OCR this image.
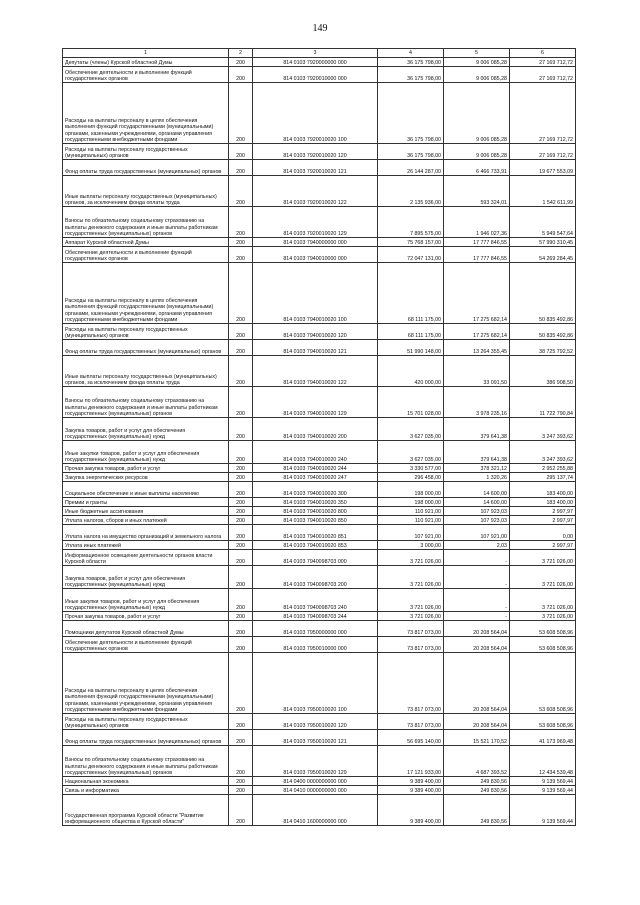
149
1	2	3	4	5	6
Депутаты (члены) Курской областной Думы	200	814 0103 7920000000 000	36 175 798,00	9 006 085,28	27 169 712,72
Обеспечение деятельности и выполнение функций государственных органов	200	814 0103 7920010000 000	36 175 798,00	9 006 085,28	27 169 712,72
Расходы на выплаты персоналу в целях обеспечения выполнения функций государственными (муниципальными) органами, казенными учреждениями, органами управления государственными внебюджетными фондами	200	814 0103 7920010020 100	36 175 798,00	9 006 085,28	27 169 712,72
Расходы на выплаты персоналу государственных (муниципальных) органов	200	814 0103 7920010020 120	36 175 798,00	9 006 085,28	27 169 712,72
Фонд оплаты труда государственных (муниципальных) органов	200	814 0103 7920010020 121	26 144 287,00	6 466 733,91	19 677 553,09
Иные выплаты персоналу государственных (муниципальных) органов, за исключением фонда оплаты труда	200	814 0103 7920010020 122	2 135 936,00	593 324,01	1 542 611,99
Взносы по обязательному социальному страхованию на выплаты денежного содержания и иные выплаты работникам государственных (муниципальных) органов	200	814 0103 7920010020 129	7 895 575,00	1 946 027,36	5 949 547,64
Аппарат Курской областной Думы	200	814 0103 7940000000 000	75 768 157,00	17 777 846,55	57 990 310,45
Обеспечение деятельности и выполнение функций государственных органов	200	814 0103 7940010000 000	72 047 131,00	17 777 846,55	54 269 284,45
Расходы на выплаты персоналу в целях обеспечения выполнения функций государственными (муниципальными) органами, казенными учреждениями, органами управления государственными внебюджетными фондами	200	814 0103 7940010020 100	68 111 175,00	17 275 682,14	50 835 492,86
Расходы на выплаты персоналу государственных (муниципальных) органов	200	814 0103 7940010020 120	68 111 175,00	17 275 682,14	50 835 492,86
Фонд оплаты труда государственных (муниципальных) органов	200	814 0103 7940010020 121	51 990 148,00	13 264 355,45	38 725 792,52
Иные выплаты персоналу государственных (муниципальных) органов, за исключением фонда оплаты труда	200	814 0103 7940010020 122	420 000,00	33 091,50	386 908,50
Взносы по обязательному социальному страхованию на выплаты денежного содержания и иные выплаты работникам государственных (муниципальных) органов	200	814 0103 7940010020 129	15 701 028,00	3 978 235,16	11 722 790,84
Закупка товаров, работ и услуг для обеспечения государственных (муниципальных) нужд	200	814 0103 7940010020 200	3 627 035,00	379 641,38	3 247 393,62
Иные закупки товаров, работ и услуг для обеспечения государственных (муниципальных) нужд	200	814 0103 7940010020 240	3 627 035,00	379 641,38	3 247 393,62
Прочая закупка товаров, работ и услуг	200	814 0103 7940010020 244	3 330 577,00	378 321,12	2 952 255,88
Закупка энергетических ресурсов	200	814 0103 7940010020 247	296 458,00	1 320,26	295 137,74
Социальное обеспечение и иные выплаты населению	200	814 0103 7940010020 300	198 000,00	14 600,00	183 400,00
Премии и гранты	200	814 0103 7940010020 350	198 000,00	14 600,00	183 400,00
Иные бюджетные ассигнования	200	814 0103 7940010020 800	110 921,00	107 923,03	2 997,97
Уплата налогов, сборов и иных платежей	200	814 0103 7940010020 850	110 921,00	107 923,03	2 997,97
Уплата налога на имущество организаций и земельного налога	200	814 0103 7940010020 851	107 921,00	107 921,00	0,00
Уплата иных платежей	200	814 0103 7940010020 853	3 000,00	2,03	2 997,97
Информационное освещение деятельности органов власти Курской области	200	814 0103 7940098703 000	3 721 026,00	-	3 721 026,00
Закупка товаров, работ и услуг для обеспечения государственных (муниципальных) нужд	200	814 0103 7940098703 200	3 721 026,00	-	3 721 026,00
Иные закупки товаров, работ и услуг для обеспечения государственных (муниципальных) нужд	200	814 0103 7940098703 240	3 721 026,00	-	3 721 026,00
Прочая закупка товаров, работ и услуг	200	814 0103 7940098703 244	3 721 026,00	-	3 721 026,00
Помощники депутатов Курской областной Думы	200	814 0103 7950000000 000	73 817 073,00	20 208 564,04	53 608 508,96
Обеспечение деятельности и выполнение функций государственных органов	200	814 0103 7950010000 000	73 817 073,00	20 208 564,04	53 608 508,96
Расходы на выплаты персоналу в целях обеспечения выполнения функций государственными (муниципальными) органами, казенными учреждениями, органами управления государственными внебюджетными фондами	200	814 0103 7950010020 100	73 817 073,00	20 208 564,04	53 608 508,96
Расходы на выплаты персоналу государственных (муниципальных) органов	200	814 0103 7950010020 120	73 817 073,00	20 208 564,04	53 608 508,96
Фонд оплаты труда государственных (муниципальных) органов	200	814 0103 7950010020 121	56 695 140,00	15 521 170,52	41 173 969,48
Взносы по обязательному социальному страхованию на выплаты денежного содержания и иные выплаты работникам государственных (муниципальных) органов	200	814 0103 7950010020 129	17 121 933,00	4 687 393,52	12 434 539,48
Национальная экономика	200	814 0400 0000000000 000	9 389 400,00	249 830,56	9 139 569,44
Связь и информатика	200	814 0410 0000000000 000	9 389 400,00	249 830,56	9 139 569,44
Государственная программа Курской области "Развитие информационного общества в Курской области"	200	814 0410 1600000000 000	9 389 400,00	249 830,56	9 139 569,44
